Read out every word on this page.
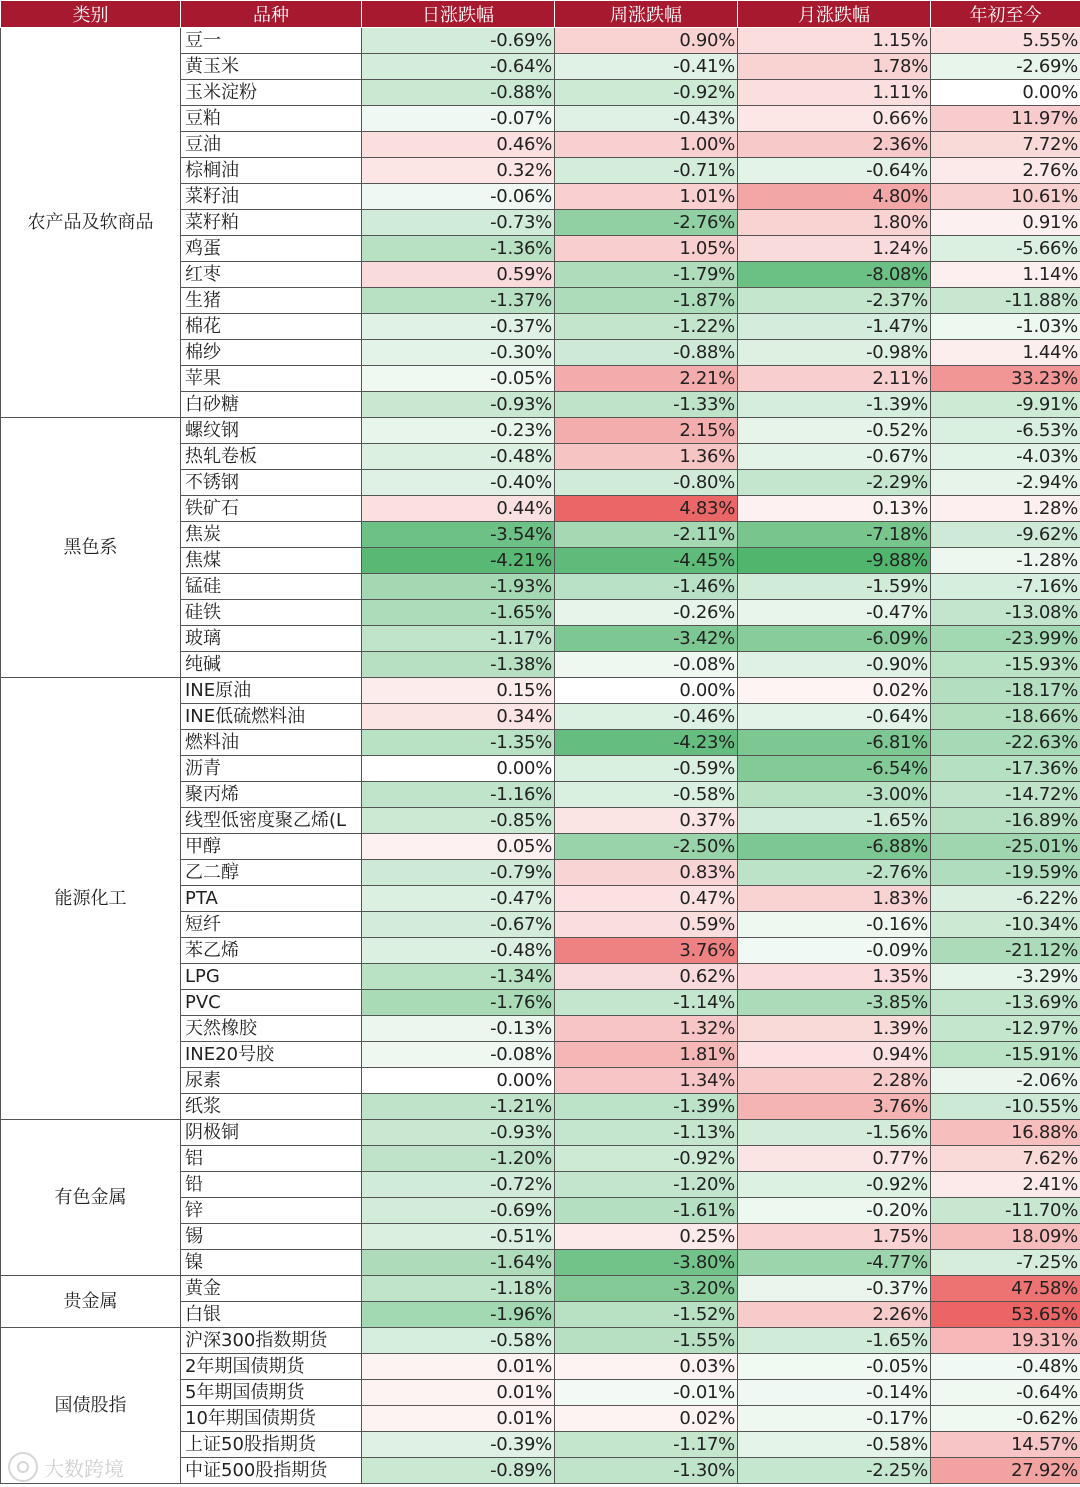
类别	品种	日涨跌幅	周涨跌幅	月涨跌幅	年初至今
农产品及软商品	豆一	-0.69%	0.90%	1.15%	5.55%
	黄玉米	-0.64%	-0.41%	1.78%	-2.69%
	玉米淀粉	-0.88%	-0.92%	1.11%	0.00%
	豆粕	-0.07%	-0.43%	0.66%	11.97%
	豆油	0.46%	1.00%	2.36%	7.72%
	棕榈油	0.32%	-0.71%	-0.64%	2.76%
	菜籽油	-0.06%	1.01%	4.80%	10.61%
	菜籽粕	-0.73%	-2.76%	1.80%	0.91%
	鸡蛋	-1.36%	1.05%	1.24%	-5.66%
	红枣	0.59%	-1.79%	-8.08%	1.14%
	生猪	-1.37%	-1.87%	-2.37%	-11.88%
	棉花	-0.37%	-1.22%	-1.47%	-1.03%
	棉纱	-0.30%	-0.88%	-0.98%	1.44%
	苹果	-0.05%	2.21%	2.11%	33.23%
	白砂糖	-0.93%	-1.33%	-1.39%	-9.91%
黑色系	螺纹钢	-0.23%	2.15%	-0.52%	-6.53%
	热轧卷板	-0.48%	1.36%	-0.67%	-4.03%
	不锈钢	-0.40%	-0.80%	-2.29%	-2.94%
	铁矿石	0.44%	4.83%	0.13%	1.28%
	焦炭	-3.54%	-2.11%	-7.18%	-9.62%
	焦煤	-4.21%	-4.45%	-9.88%	-1.28%
	锰硅	-1.93%	-1.46%	-1.59%	-7.16%
	硅铁	-1.65%	-0.26%	-0.47%	-13.08%
	玻璃	-1.17%	-3.42%	-6.09%	-23.99%
	纯碱	-1.38%	-0.08%	-0.90%	-15.93%
能源化工	INE原油	0.15%	0.00%	0.02%	-18.17%
	INE低硫燃料油	0.34%	-0.46%	-0.64%	-18.66%
	燃料油	-1.35%	-4.23%	-6.81%	-22.63%
	沥青	0.00%	-0.59%	-6.54%	-17.36%
	聚丙烯	-1.16%	-0.58%	-3.00%	-14.72%
	线型低密度聚乙烯(L	-0.85%	0.37%	-1.65%	-16.89%
	甲醇	0.05%	-2.50%	-6.88%	-25.01%
	乙二醇	-0.79%	0.83%	-2.76%	-19.59%
	PTA	-0.47%	0.47%	1.83%	-6.22%
	短纤	-0.67%	0.59%	-0.16%	-10.34%
	苯乙烯	-0.48%	3.76%	-0.09%	-21.12%
	LPG	-1.34%	0.62%	1.35%	-3.29%
	PVC	-1.76%	-1.14%	-3.85%	-13.69%
	天然橡胶	-0.13%	1.32%	1.39%	-12.97%
	INE20号胶	-0.08%	1.81%	0.94%	-15.91%
	尿素	0.00%	1.34%	2.28%	-2.06%
	纸浆	-1.21%	-1.39%	3.76%	-10.55%
有色金属	阴极铜	-0.93%	-1.13%	-1.56%	16.88%
	铝	-1.20%	-0.92%	0.77%	7.62%
	铅	-0.72%	-1.20%	-0.92%	2.41%
	锌	-0.69%	-1.61%	-0.20%	-11.70%
	锡	-0.51%	0.25%	1.75%	18.09%
	镍	-1.64%	-3.80%	-4.77%	-7.25%
贵金属	黄金	-1.18%	-3.20%	-0.37%	47.58%
	白银	-1.96%	-1.52%	2.26%	53.65%
国债股指	沪深300指数期货	-0.58%	-1.55%	-1.65%	19.31%
	2年期国债期货	0.01%	0.03%	-0.05%	-0.48%
	5年期国债期货	0.01%	-0.01%	-0.14%	-0.64%
	10年期国债期货	0.01%	0.02%	-0.17%	-0.62%
	上证50股指期货	-0.39%	-1.17%	-0.58%	14.57%
	中证500股指期货	-0.89%	-1.30%	-2.25%	27.92%
大数跨境
